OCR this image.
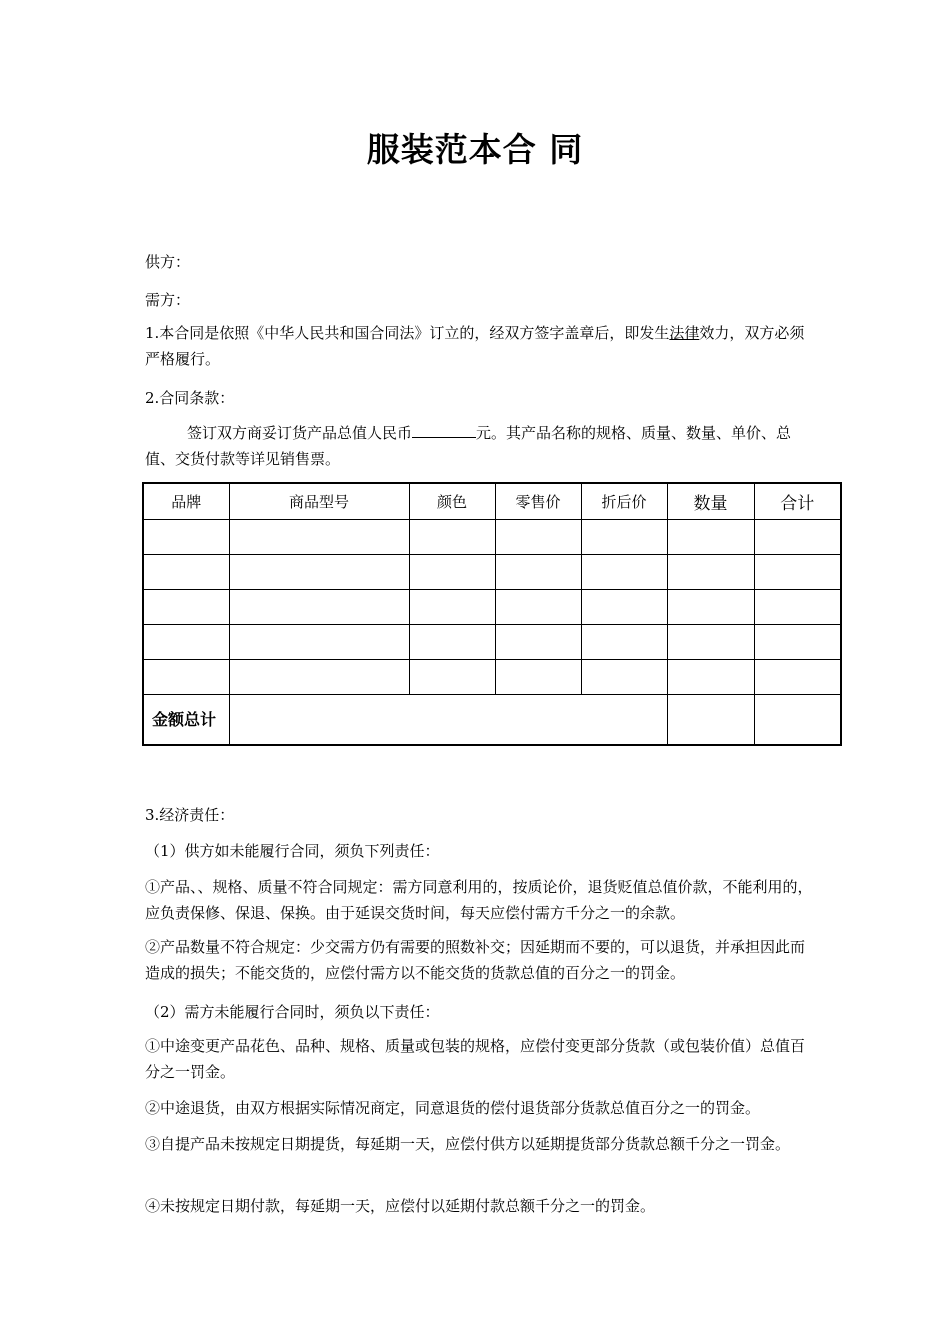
服装范本合 同
供方：
需方：
1.本合同是依照《中华人民共和国合同法》订立的，经双方签字盖章后，即发生法律效力，双方必须严格履行。
2.合同条款：
签订双方商妥订货产品总值人民币	元。其产品名称的规格、质量、数量、单价、总值、交货付款等详见销售票。
品牌	商品型号	颜色	零售价	折后价	数量	合计

金额总计						
3.经济责任：
（1）供方如未能履行合同，须负下列责任：
①产品、、规格、质量不符合同规定：需方同意利用的，按质论价，退货贬值总值价款，不能利用的，应负责保修、保退、保换。由于延误交货时间，每天应偿付需方千分之一的余款。
②产品数量不符合规定：少交需方仍有需要的照数补交；因延期而不要的，可以退货，并承担因此而造成的损失；不能交货的，应偿付需方以不能交货的货款总值的百分之一的罚金。
（2）需方未能履行合同时，须负以下责任：
①中途变更产品花色、品种、规格、质量或包装的规格，应偿付变更部分货款（或包装价值）总值百分之一罚金。
②中途退货，由双方根据实际情况商定，同意退货的偿付退货部分货款总值百分之一的罚金。
③自提产品未按规定日期提货，每延期一天，应偿付供方以延期提货部分货款总额千分之一罚金。
④未按规定日期付款，每延期一天，应偿付以延期付款总额千分之一的罚金。
